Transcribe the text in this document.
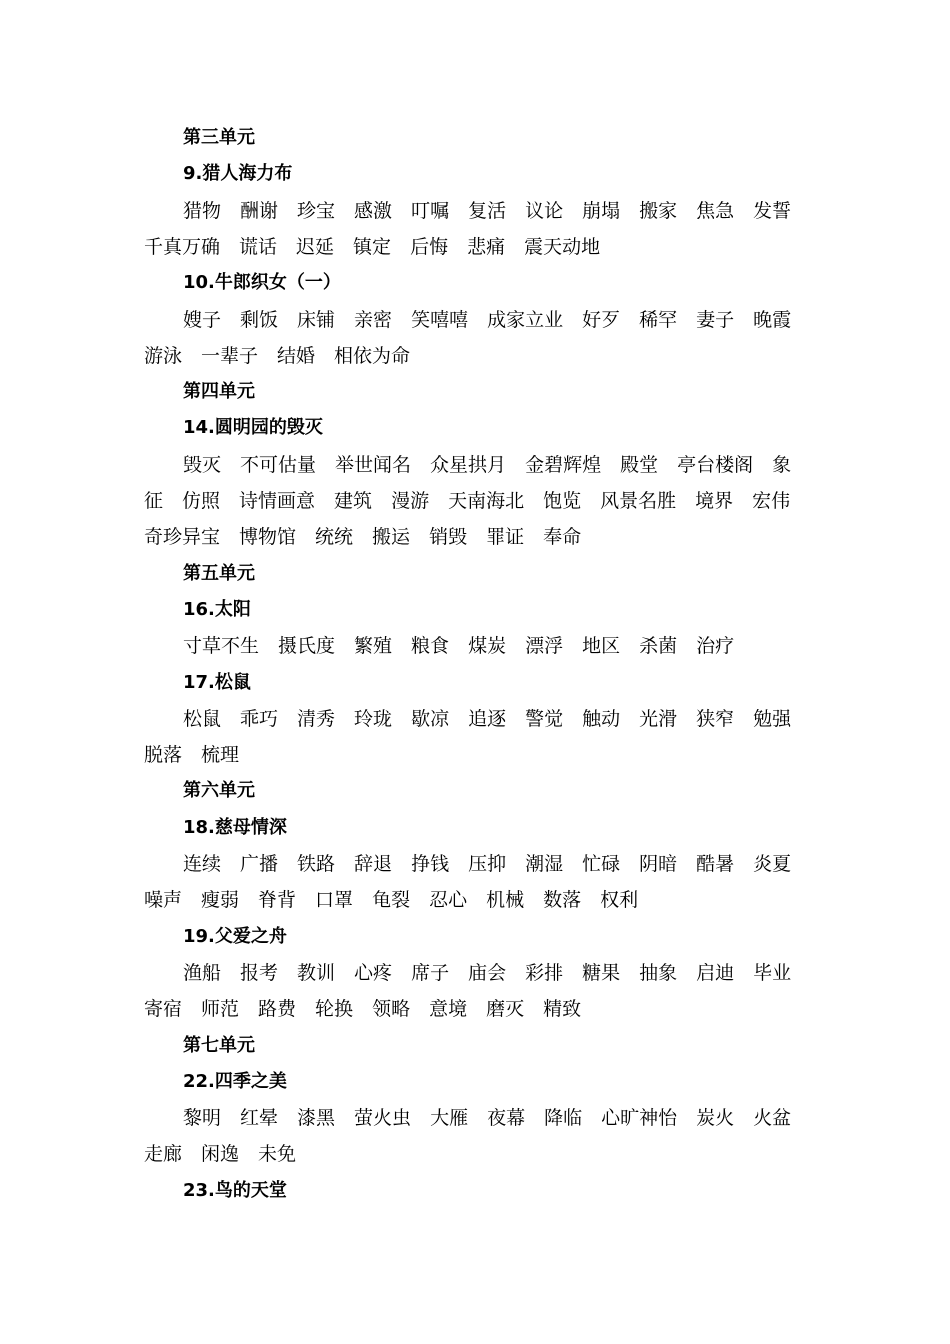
第三单元
9.猎人海力布
猎物 酬谢 珍宝 感激 叮嘱 复活 议论 崩塌 搬家 焦急 发誓
千真万确 谎话 迟延 镇定 后悔 悲痛 震天动地
10.牛郎织女（一）
嫂子 剩饭 床铺 亲密 笑嘻嘻 成家立业 好歹 稀罕 妻子 晚霞
游泳 一辈子 结婚 相依为命
第四单元
14.圆明园的毁灭
毁灭 不可估量 举世闻名 众星拱月 金碧辉煌 殿堂 亭台楼阁 象
征 仿照 诗情画意 建筑 漫游 天南海北 饱览 风景名胜 境界 宏伟
奇珍异宝 博物馆 统统 搬运 销毁 罪证 奉命
第五单元
16.太阳
寸草不生 摄氏度 繁殖 粮食 煤炭 漂浮 地区 杀菌 治疗
17.松鼠
松鼠 乖巧 清秀 玲珑 歇凉 追逐 警觉 触动 光滑 狭窄 勉强
脱落 梳理
第六单元
18.慈母情深
连续 广播 铁路 辞退 挣钱 压抑 潮湿 忙碌 阴暗 酷暑 炎夏
噪声 瘦弱 脊背 口罩 龟裂 忍心 机械 数落 权利
19.父爱之舟
渔船 报考 教训 心疼 席子 庙会 彩排 糖果 抽象 启迪 毕业
寄宿 师范 路费 轮换 领略 意境 磨灭 精致
第七单元
22.四季之美
黎明 红晕 漆黑 萤火虫 大雁 夜幕 降临 心旷神怡 炭火 火盆
走廊 闲逸 未免
23.鸟的天堂
